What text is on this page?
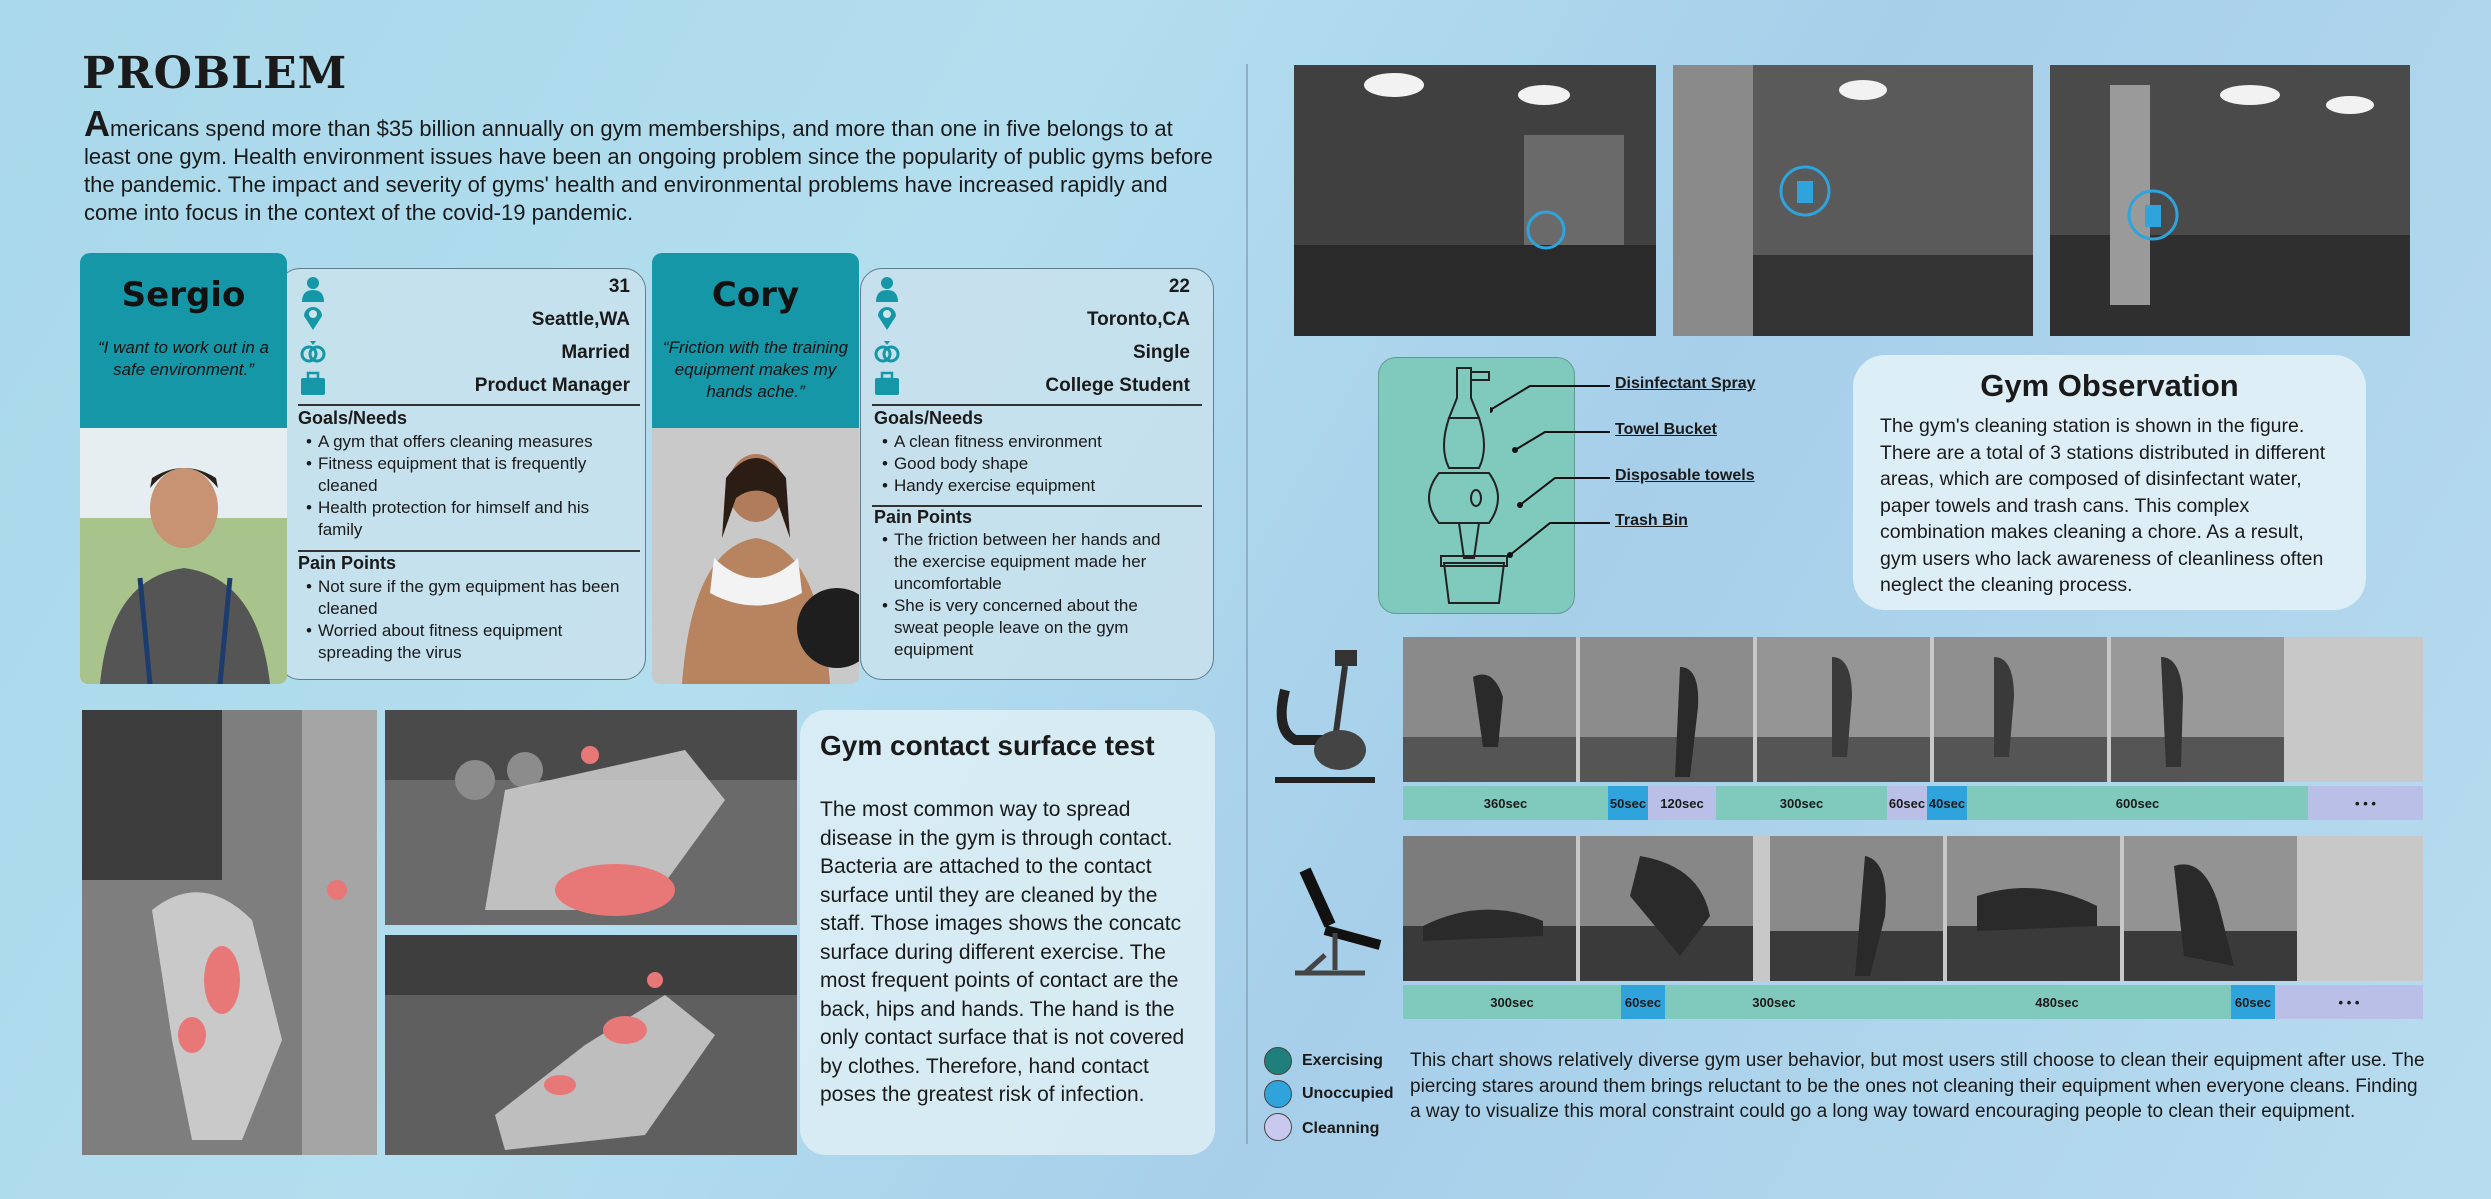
PROBLEM
Americans spend more than $35 billion annually on gym memberships, and more than one in five belongs to at least one gym. Health environment issues have been an ongoing problem since the popularity of public gyms before the pandemic. The impact and severity of gyms' health and environmental problems have increased rapidly and come into focus in the context of the covid-19 pandemic.
Sergio
“I want to work out in a safe environment.”
31
Seattle,WA
Married
Product Manager
Goals/Needs
• A gym that offers cleaning measures
• Fitness equipment that is frequently cleaned
• Health protection for himself and his family
Pain Points
• Not sure if the gym equipment has been cleaned
• Worried about fitness equipment spreading the virus
Cory
“Friction with the training equipment makes my hands ache.”
22
Toronto,CA
Single
College Student
Goals/Needs
• A clean fitness environment
• Good body shape
• Handy exercise equipment
Pain Points
• The friction between her hands and the exercise equipment made her uncomfortable
• She is very concerned about the sweat people leave on the gym equipment
Gym contact surface test
The most common way to spread disease in the gym is through contact. Bacteria are attached to the contact surface until they are cleaned by the staff. Those images shows the concatc surface during different exercise. The most frequent points of contact are the back, hips and hands. The hand is the only contact surface that is not covered by clothes. Therefore, hand contact poses the greatest risk of infection.
Disinfectant Spray
Towel Bucket
Disposable towels
Trash Bin
Gym Observation
The gym's cleaning station is shown in the figure. There are a total of 3 stations distributed in different areas, which are composed of disinfectant water, paper towels and trash cans. This complex combination makes cleaning a chore. As a result, gym users who lack awareness of cleanliness often neglect the cleaning process.
360sec	50sec	120sec	300sec	60sec 40sec	600sec	• • •
300sec	60sec	300sec	480sec	60sec	• • •
Exercising
Unoccupied
Cleanning
This chart shows relatively diverse gym user behavior, but most users still choose to clean their equipment after use. The piercing stares around them brings reluctant to be the ones not cleaning their equipment when everyone cleans. Finding a way to visualize this moral constraint could go a long way toward encouraging people to clean their equipment.
